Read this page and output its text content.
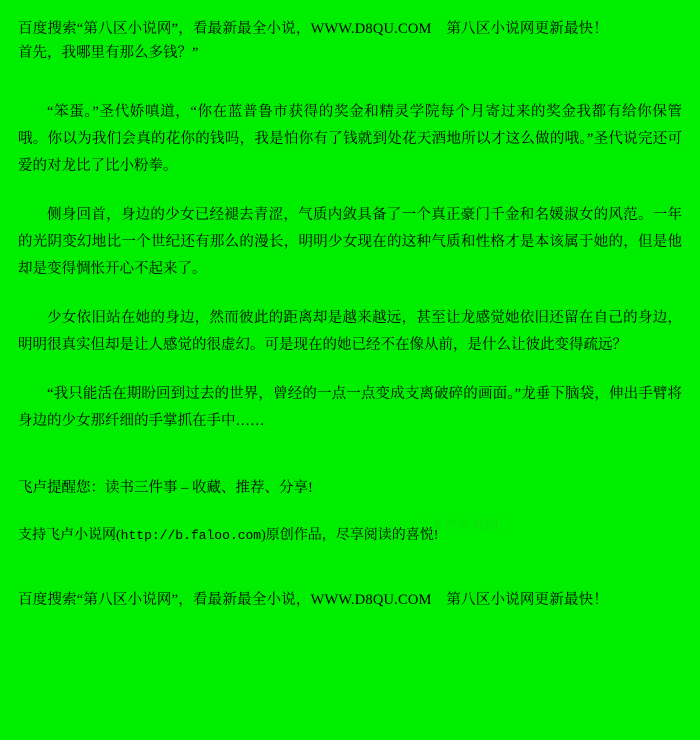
百度搜索“第八区小说网”，看最新最全小说，WWW.D8QU.COM　第八区小说网更新最快！
首先，我哪里有那么多钱？”

“笨蛋。”圣代娇嗔道，“你在蓝普鲁市获得的奖金和精灵学院每个月寄过来的奖金我都有给你保管哦。你以为我们会真的花你的钱吗，我是怕你有了钱就到处花天酒地所以才这么做的哦。”圣代说完还可爱的对龙比了比小粉拳。

侧身回首，身边的少女已经褪去青涩，气质内敛具备了一个真正豪门千金和名媛淑女的风范。一年的光阴变幻地比一个世纪还有那么的漫长，明明少女现在的这种气质和性格才是本该属于她的，但是他却是变得惆怅开心不起来了。

少女依旧站在她的身边，然而彼此的距离却是越来越远，甚至让龙感觉她依旧还留在自己的身边，明明很真实但却是让人感觉的很虚幻。可是现在的她已经不在像从前，是什么让彼此变得疏远？

“我只能活在期盼回到过去的世界，曾经的一点一点变成支离破碎的画面。”龙垂下脑袋，伸出手臂将身边的少女那纤细的手掌抓在手中……

飞卢提醒您：读书三件事 – 收藏、推荐、分享!
支持飞卢小说网(http://b.faloo.com)原创作品，尽享阅读的喜悦!
百度搜索“第八区小说网”，看最新最全小说，WWW.D8QU.COM　第八区小说网更新最快！
飞卢小说网
